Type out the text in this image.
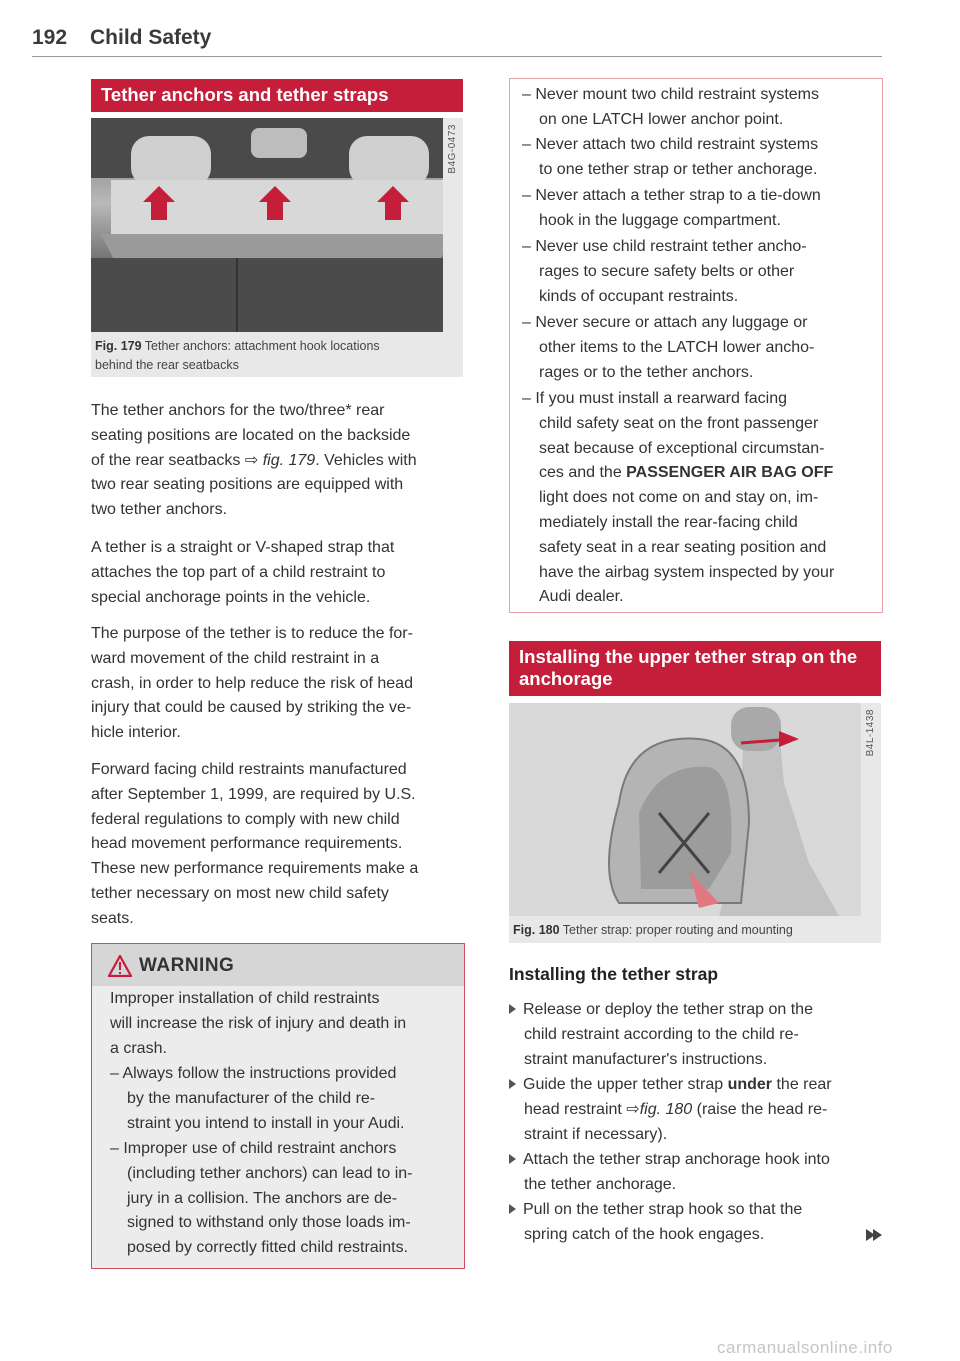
192 Child Safety
Tether anchors and tether straps
B4G-0473
Fig. 179 Tether anchors: attachment hook locations
behind the rear seatbacks
The tether anchors for the two/three* rear
seating positions are located on the backside
of the rear seatbacks ⇨ fig. 179. Vehicles with
two rear seating positions are equipped with
two tether anchors.
A tether is a straight or V-shaped strap that
attaches the top part of a child restraint to
special anchorage points in the vehicle.
The purpose of the tether is to reduce the for-
ward movement of the child restraint in a
crash, in order to help reduce the risk of head
injury that could be caused by striking the ve-
hicle interior.
Forward facing child restraints manufactured
after September 1, 1999, are required by U.S.
federal regulations to comply with new child
head movement performance requirements.
These new performance requirements make a
tether necessary on most new child safety
seats.
WARNING
Improper installation of child restraints
will increase the risk of injury and death in
a crash.
– Always follow the instructions provided
by the manufacturer of the child re-
straint you intend to install in your Audi.
– Improper use of child restraint anchors
(including tether anchors) can lead to in-
jury in a collision. The anchors are de-
signed to withstand only those loads im-
posed by correctly fitted child restraints.
– Never mount two child restraint systems
on one LATCH lower anchor point.
– Never attach two child restraint systems
to one tether strap or tether anchorage.
– Never attach a tether strap to a tie-down
hook in the luggage compartment.
– Never use child restraint tether ancho-
rages to secure safety belts or other
kinds of occupant restraints.
– Never secure or attach any luggage or
other items to the LATCH lower ancho-
rages or to the tether anchors.
– If you must install a rearward facing
child safety seat on the front passenger
seat because of exceptional circumstan-
ces and the PASSENGER AIR BAG OFF
light does not come on and stay on, im-
mediately install the rear-facing child
safety seat in a rear seating position and
have the airbag system inspected by your
Audi dealer.
Installing the upper tether strap on the
anchorage
B4L-1438
Fig. 180 Tether strap: proper routing and mounting
Installing the tether strap
Release or deploy the tether strap on the
child restraint according to the child re-
straint manufacturer's instructions.
Guide the upper tether strap under the rear
head restraint ⇨fig. 180 (raise the head re-
straint if necessary).
Attach the tether strap anchorage hook into
the tether anchorage.
Pull on the tether strap hook so that the
spring catch of the hook engages.
carmanualsonline.info
